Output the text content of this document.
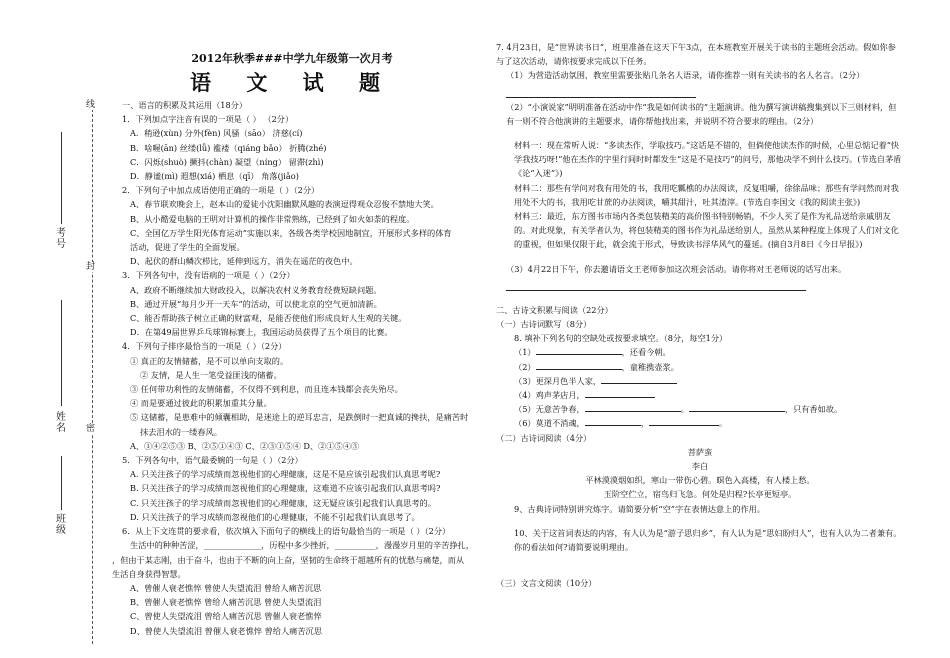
线
封
密
考号
姓名
班级
2012年秋季###中学九年级第一次月考
语 文 试 题
一、语言的积累及其运用（18分）
1．下列加点字注音有误的一项是（ ） （2分）
A．稍逊(xùn) 分外(fèn) 风骚（sāo） 济慈(cí)
B．啥喔(ān) 丝缕(lǚ) 褴褛（qiáng bǎo） 折腾(zhé)
C．闪烁(shuò) 撅抖(chàn) 凝望（níng） 留滞(zhì)
D．静谧(mì) 遐想(xiá) 栖息（qī） 角落(jiǎo)
2．下列句子中加点成语使用正确的一项是（ ）（2分）
A、春节联欢晚会上，赵本山的爱徒小沈阳幽默风趣的表演逗得观众忍俊不禁地大笑。
B、从小酷爱电脑的王明对计算机的操作非常熟练，已经到了如火如荼的程度。
C、全国亿万学生阳光体育运动”实施以来，各级各类学校因地制宜，开展形式多样的体育
活动，促进了学生的全面发展。
D、起伏的群山鳞次栉比，延伸到远方，消失在遥茫的夜色中。
3．下列各句中，没有语病的一项是（ ）（2分）
A、政府不断继续加大财政投入，以解决农村义务教育经费短缺问题。
B、通过开展“每月少开一天车”的活动，可以使北京的空气更加清新。
C、能否帮助孩子树立正确的财富观，是能否使他们形成良好人生观的关键。
D．在第49届世界乒乓球锦标赛上，我国运动员获得了五个项目的比赛。
4．下列句子排序最恰当的一项是（ ）（2分）
① 真正的友情储蓄，是不可以单向支取的。
② 友情，是人生一笔受益匪浅的储蓄。
③ 任何带功利性的友情储蓄，不仅得不到利息，而且连本钱都会丧失殆尽。
④ 而是要通过彼此的积累加重其分量。
⑤ 这储蓄，是患难中的倾囊相助，是迷途上的逆耳忠言，是跌倒时一把真诚的搀扶，是痛苦时
抹去泪水的一缕春风。
A、①④②⑤③ B、②⑤①④③ C、②③①⑤④ D、②①⑤④③
5．下列各句中，语气最委婉的一句是（ ）（2分）
A. 只关注孩子的学习成绩而忽视他们的心理健康，这是不是应该引起我们认真思考呢?
B. 只关注孩子的学习成绩而忽视他们的心理健康，这难道不应该引起我们认真思考吗?
C. 只关注孩子的学习成绩而忽视他们的心理健康，这无疑应该引起我们认真思考的。
D. 只关注孩子的学习成绩而忽视他们的心理健康，不能不引起我们认真思考了。
6．从上下文连贯的要求看，依次填入下面句子的横线上的语句最恰当的一项是（ ）（2分）
生活中的种种苦涩，______________，历程中多少挫折，__________，漫漫岁月里的辛苦挣扎，
，但由于某志刚，由于奋斗，也由于不断的向上奋，坚韧的生命终于超越所有的忧愁与痛楚，而从
生活自身获得智慧。
A、曾催人衰老憔悴 曾使人失望流泪 曾给人痛苦沉思
B、曾催人衰老憔悴 曾给人痛苦沉思 曾使人失望流泪
C、曾使人失望流泪 曾给人痛苦沉思 曾催人衰老憔悴
D、曾使人失望流泪 曾催人衰老憔悴 曾给人痛苦沉思
7. 4月23日，是“世界读书日”，班里准备在这天下午3点，在本班教室开展关于读书的主题班会活动。假如你参与了这次活动，请你按要求完成以下任务。
（1）为营造活动氛围，教室里需要张贴几条名人语录，请你推荐一则有关读书的名人名言。（2分）
（2）“小演说家”明明准备在活动中作“我是如何读书的”主题演讲。他为撰写演讲稿搜集到以下三则材料，但有一则不符合他演讲的主题要求，请你帮他找出来，并说明不符合要求的理由。（2分）
材料一：现在常听人说：“多读杰作，学取技巧。”这话是不错的，但倘使他读杰作的时候，心里总惦记着“快学我技巧呀!”他在杰作的字里行间时时都发生“这是不是技巧”的问号，那他决学不到什么技巧。(节选自茅盾《论“入迷”》)
材料二：那些有学问对我有用处的书，我用吃瓤樵的办法阅读，反复咀嚼，徐徐品味；那些有学问然而对我用处不大的书，我用吃甘蔗的办法阅读，嚼其甜汁，吐其渣滓。(节选自李国文《我的阅读主张》)
材料三：最近，东方图书市场内各类包装精美的高价图书特别畅销，不少人买了是作为礼品送给亲戚朋友的。对此现象，有关学者认为，将包装精美的图书作为礼品送给别人，虽然从某种程度上体现了人们对文化的重视，但如果仅限于此，就会流于形式，导致读书浮华风气的蔓延。(摘自3月8日《今日早报》)
（3）4月22日下午，你去邀请语文王老师参加这次班会活动。请你将对王老师说的话写出来。
二、古诗文积累与阅读（22分）
（一）古诗词默写（8分）
8. 填补下列名句的空缺处或按要求填空。（8分，每空1分）
（1）	，还看今朝。
（2）	，童稚携壶浆。
（3）更深月色半人家，
（4）鸡声茅店月，
（5）无意苦争春，	。	，只有香如故。
（6）莫道不消魂，	，	。
（二）古诗词阅读（4分）
菩萨蛮
李白
平林漠漠烟如织，寒山一带伤心碧。暝色入高楼，有人楼上愁。
玉阶空伫立，宿鸟归飞急。何处是归程?长亭更短亭。
9、古典诗词特别讲究炼字。请简要分析“空”字在表情达意上的作用。
10、关于这首词表达的内容，有人认为是“游子思归乡”，有人认为是“思妇盼归人”，也有人认为二者兼有。你的看法如何?请简要说明理由。
（三）文言文阅读（10分）
